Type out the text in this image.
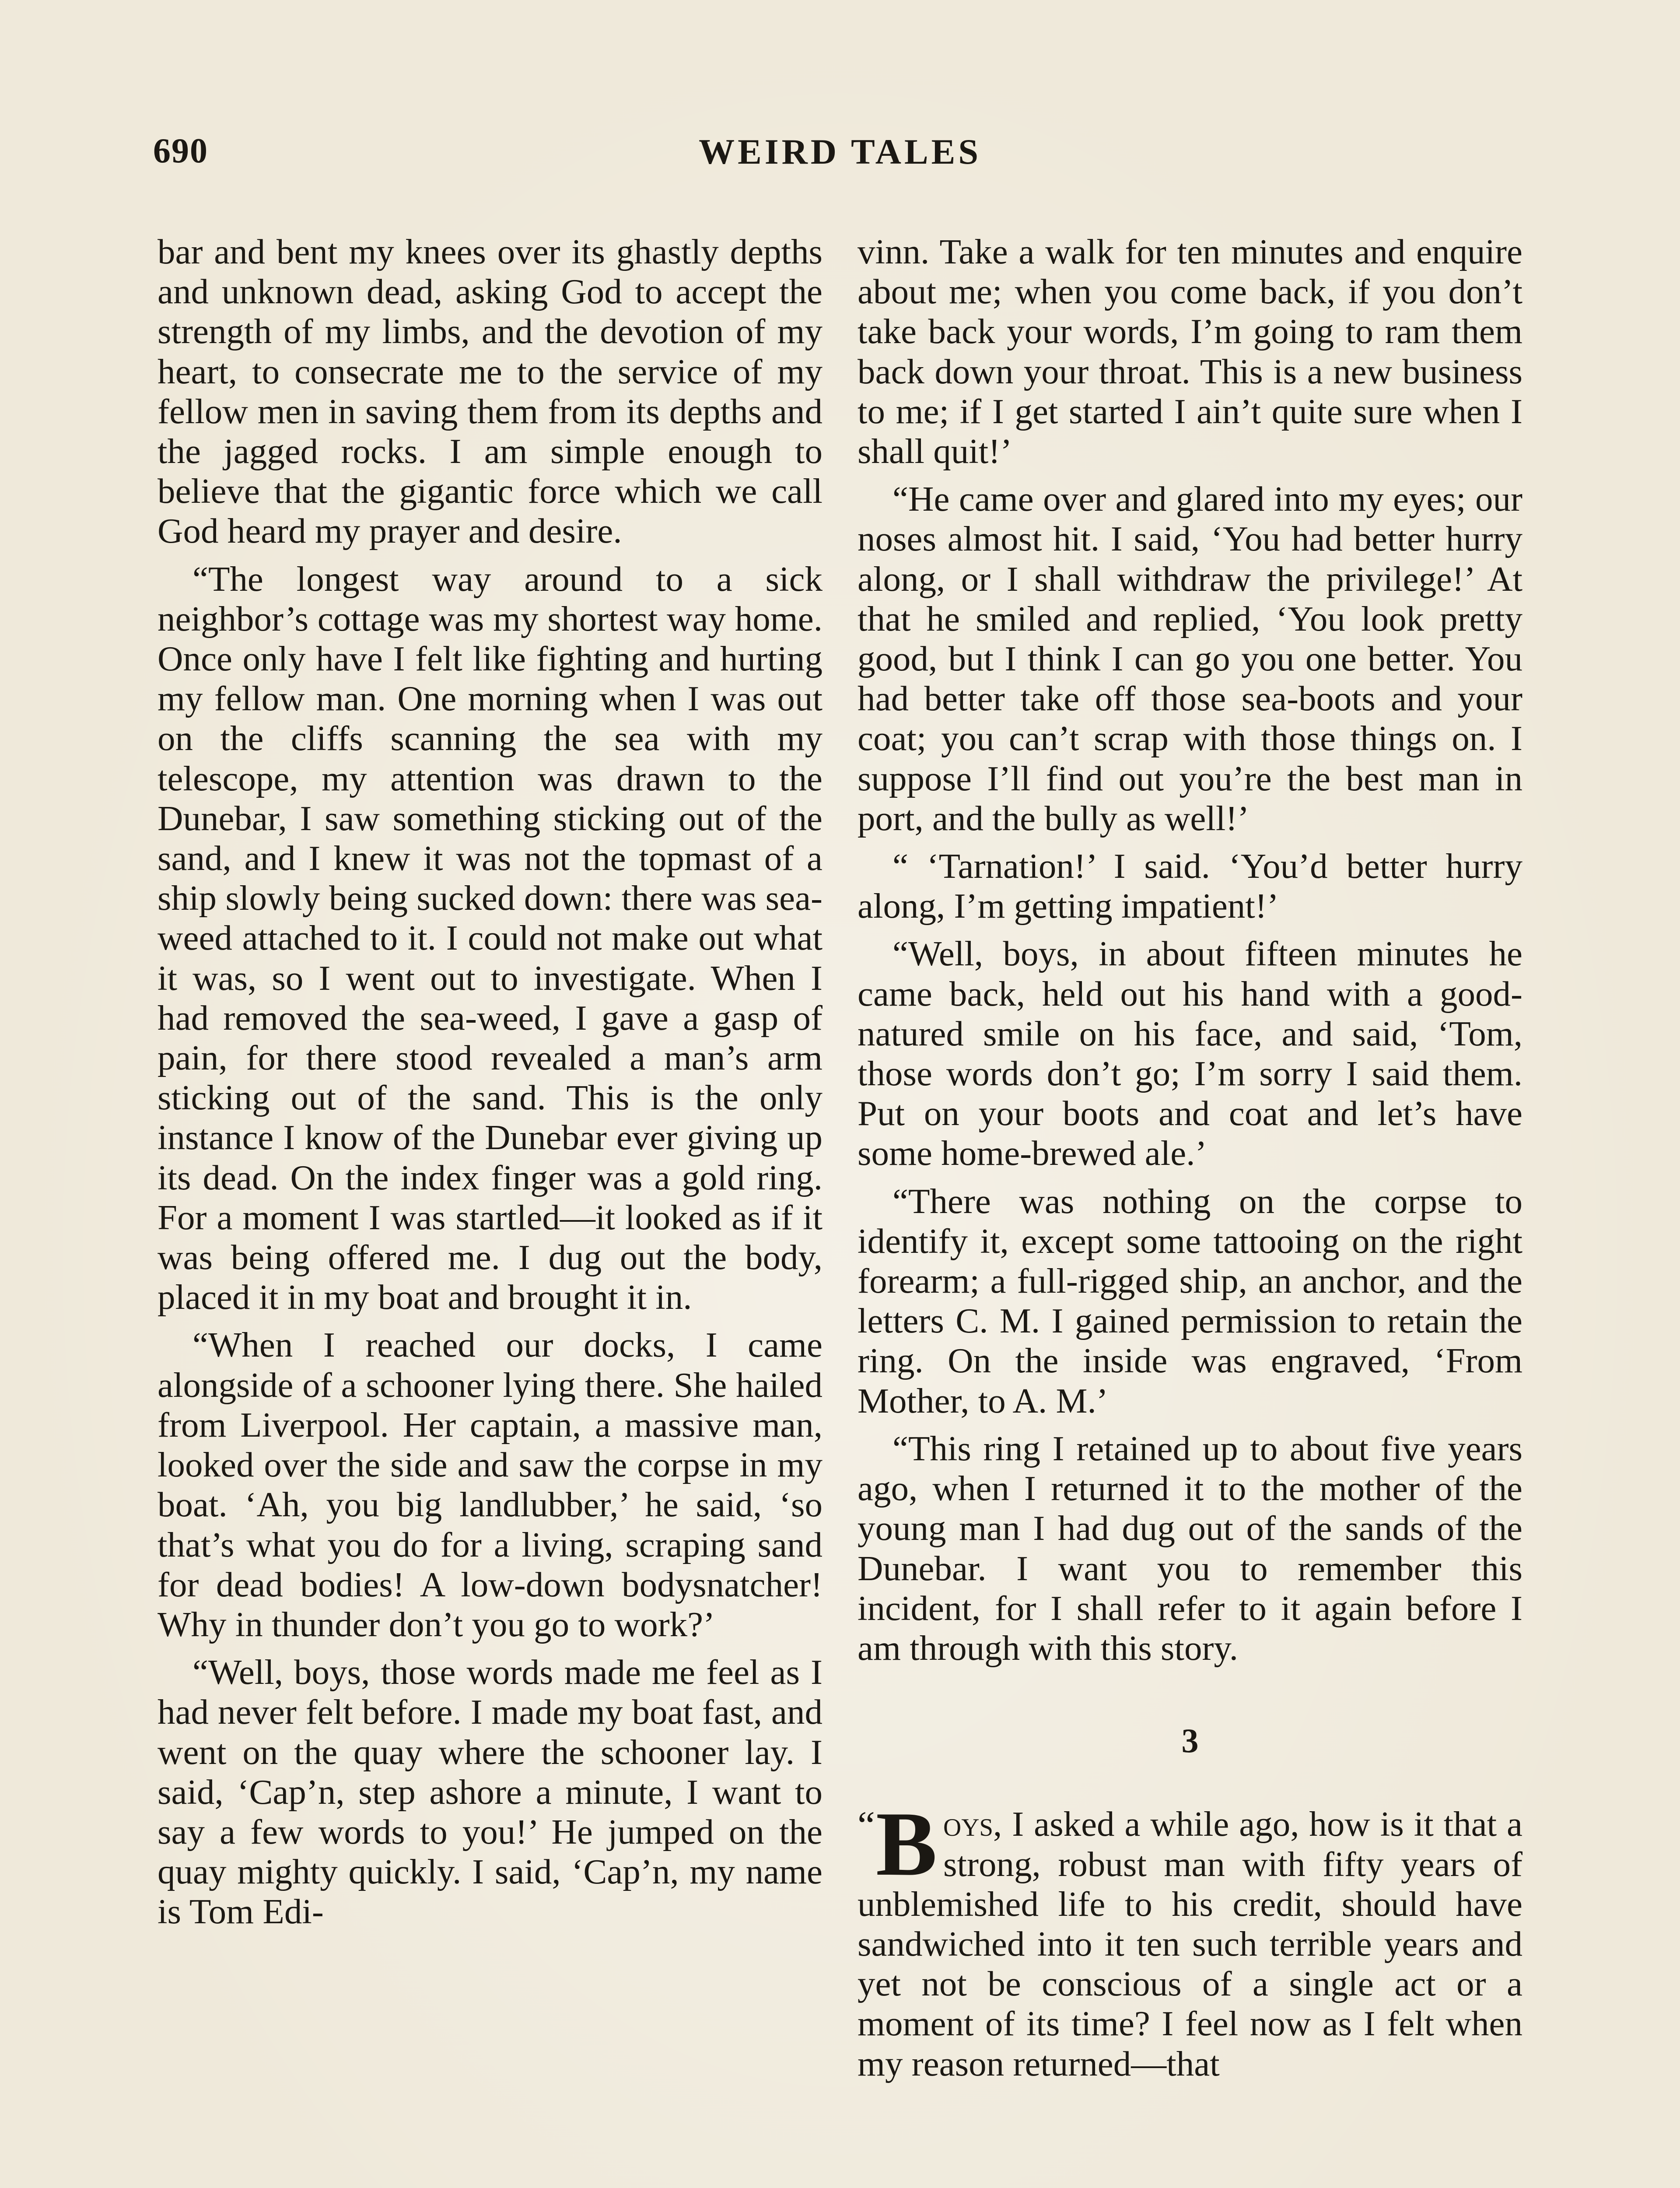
690	WEIRD TALES

bar and bent my knees over its ghastly depths and unknown dead, asking God to accept the strength of my limbs, and the devotion of my heart, to consecrate me to the service of my fellow men in saving them from its depths and the jagged rocks. I am simple enough to believe that the gigantic force which we call God heard my prayer and desire.

“The longest way around to a sick neighbor’s cottage was my shortest way home. Once only have I felt like fighting and hurting my fellow man. One morning when I was out on the cliffs scanning the sea with my telescope, my attention was drawn to the Dunebar, I saw something sticking out of the sand, and I knew it was not the topmast of a ship slowly being sucked down: there was sea-weed attached to it. I could not make out what it was, so I went out to investigate. When I had removed the sea-weed, I gave a gasp of pain, for there stood revealed a man’s arm sticking out of the sand. This is the only instance I know of the Dunebar ever giving up its dead. On the index finger was a gold ring. For a moment I was startled—it looked as if it was being offered me. I dug out the body, placed it in my boat and brought it in.

“When I reached our docks, I came alongside of a schooner lying there. She hailed from Liverpool. Her captain, a massive man, looked over the side and saw the corpse in my boat. ‘Ah, you big landlubber,’ he said, ‘so that’s what you do for a living, scraping sand for dead bodies! A low-down bodysnatcher! Why in thunder don’t you go to work?’

“Well, boys, those words made me feel as I had never felt before. I made my boat fast, and went on the quay where the schooner lay. I said, ‘Cap’n, step ashore a minute, I want to say a few words to you!’ He jumped on the quay mighty quickly. I said, ‘Cap’n, my name is Tom Edi-

vinn. Take a walk for ten minutes and enquire about me; when you come back, if you don’t take back your words, I’m going to ram them back down your throat. This is a new business to me; if I get started I ain’t quite sure when I shall quit!’

“He came over and glared into my eyes; our noses almost hit. I said, ‘You had better hurry along, or I shall withdraw the privilege!’ At that he smiled and replied, ‘You look pretty good, but I think I can go you one better. You had better take off those sea-boots and your coat; you can’t scrap with those things on. I suppose I’ll find out you’re the best man in port, and the bully as well!’

“ ‘Tarnation!’ I said. ‘You’d better hurry along, I’m getting impatient!’

“Well, boys, in about fifteen minutes he came back, held out his hand with a good-natured smile on his face, and said, ‘Tom, those words don’t go; I’m sorry I said them. Put on your boots and coat and let’s have some home-brewed ale.’

“There was nothing on the corpse to identify it, except some tattooing on the right forearm; a full-rigged ship, an anchor, and the letters C. M. I gained permission to retain the ring. On the inside was engraved, ‘From Mother, to A. M.’

“This ring I retained up to about five years ago, when I returned it to the mother of the young man I had dug out of the sands of the Dunebar. I want you to remember this incident, for I shall refer to it again before I am through with this story.

3

“ B oys, I asked a while ago, how is it that a strong, robust man with fifty years of unblemished life to his credit, should have sandwiched into it ten such terrible years and yet not be conscious of a single act or a moment of its time? I feel now as I felt when my reason returned—that
